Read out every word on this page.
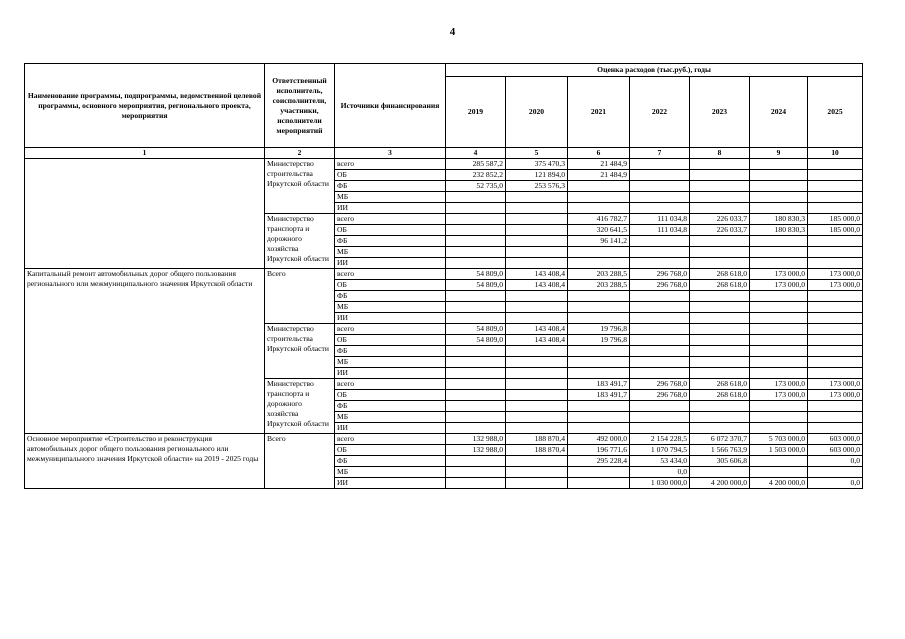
4
Наименование программы, подпрограммы, ведомственной целевой программы, основного мероприятия, регионального проекта, мероприятия	Ответственный исполнитель, соисполнители, участники, исполнители мероприятий	Источники финансирования	Оценка расходов (тыс.руб.), годы						
			2019	2020	2021	2022	2023	2024	2025
1	2	3	4	5	6	7	8	9	10
	Министерство строительства Иркутской области	всего	285 587,2	375 470,3	21 484,9				
		ОБ	232 852,2	121 894,0	21 484,9				
		ФБ	52 735,0	253 576,3					
		МБ							
		ИИ							
	Министерство транспорта и дорожного хозяйства Иркутской области	всего			416 782,7	111 034,8	226 033,7	180 830,3	185 000,0
		ОБ			320 641,5	111 034,8	226 033,7	180 830,3	185 000,0
		ФБ			96 141,2				
		МБ							
		ИИ							
Капитальный ремонт автомобильных дорог общего пользования регионального или межмуниципального значения Иркутской области	Всего	всего	54 809,0	143 408,4	203 288,5	296 768,0	268 618,0	173 000,0	173 000,0
		ОБ	54 809,0	143 408,4	203 288,5	296 768,0	268 618,0	173 000,0	173 000,0
		ФБ							
		МБ							
		ИИ							
	Министерство строительства Иркутской области	всего	54 809,0	143 408,4	19 796,8				
		ОБ	54 809,0	143 408,4	19 796,8				
		ФБ							
		МБ							
		ИИ							
	Министерство транспорта и дорожного хозяйства Иркутской области	всего			183 491,7	296 768,0	268 618,0	173 000,0	173 000,0
		ОБ			183 491,7	296 768,0	268 618,0	173 000,0	173 000,0
		ФБ							
		МБ							
		ИИ							
Основное мероприятие «Строительство и реконструкция автомобильных дорог общего пользования регионального или межмуниципального значения Иркутской области» на 2019 - 2025 годы	Всего	всего	132 988,0	188 870,4	492 000,0	2 154 228,5	6 072 370,7	5 703 000,0	603 000,0
		ОБ	132 988,0	188 870,4	196 771,6	1 070 794,5	1 566 763,9	1 503 000,0	603 000,0
		ФБ			295 228,4	53 434,0	305 606,8		0,0
		МБ				0,0			
		ИИ				1 030 000,0	4 200 000,0	4 200 000,0	0,0
